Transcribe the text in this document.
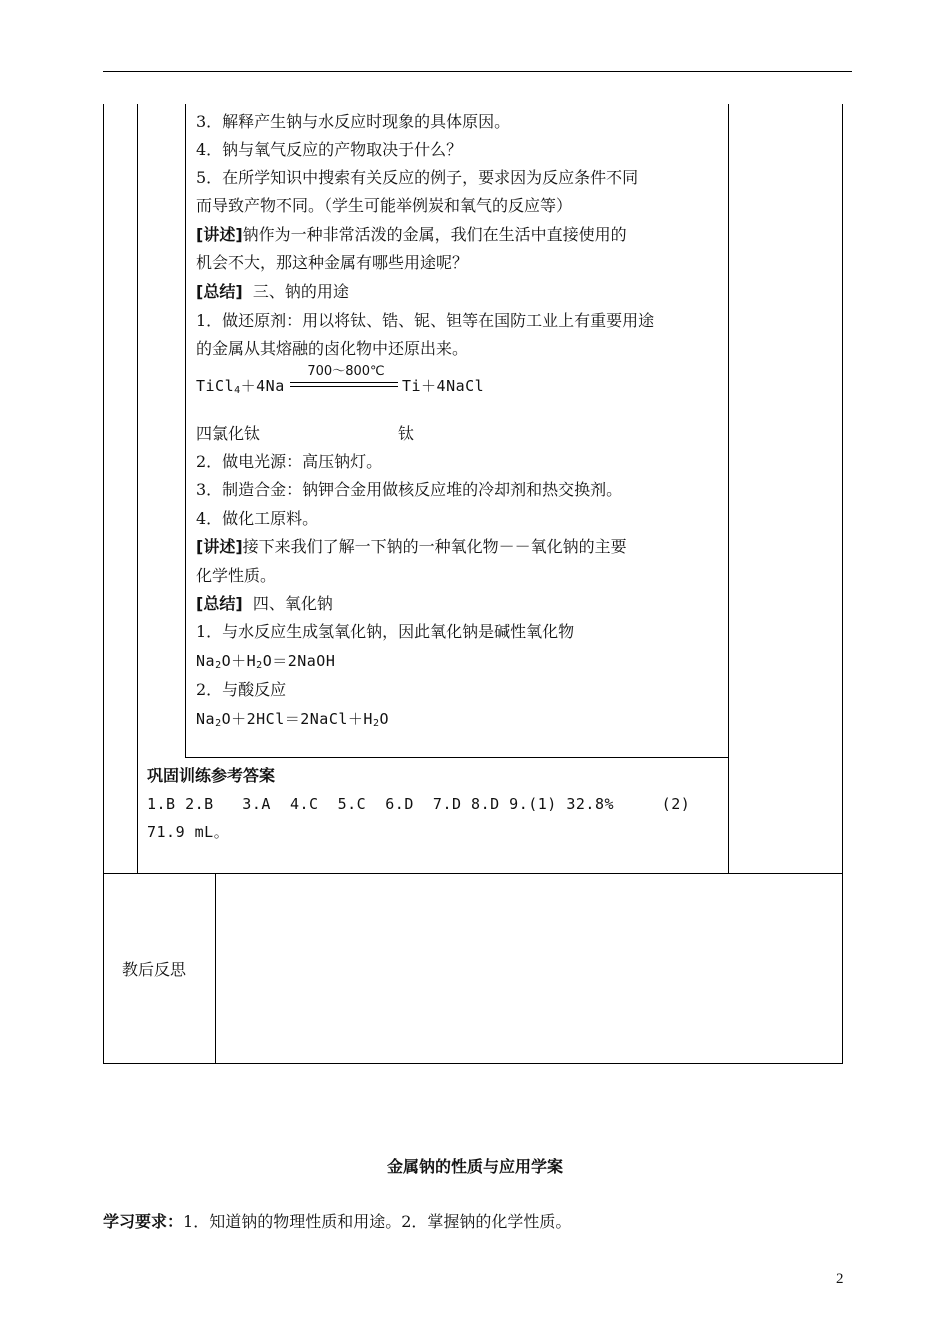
3．解释产生钠与水反应时现象的具体原因。
4．钠与氧气反应的产物取决于什么？
5．在所学知识中搜索有关反应的例子，要求因为反应条件不同
而导致产物不同。（学生可能举例炭和氧气的反应等）
[讲述]钠作为一种非常活泼的金属，我们在生活中直接使用的
机会不大，那这种金属有哪些用途呢？
[总结]  三、钠的用途
1．做还原剂：用以将钛、锆、铌、钽等在国防工业上有重要用途
的金属从其熔融的卤化物中还原出来。
TiCl$_4$＋4Na
700～800℃
Ti＋4NaCl
四氯化钛	钛
2．做电光源：高压钠灯。
3．制造合金：钠钾合金用做核反应堆的冷却剂和热交换剂。
4．做化工原料。
[讲述]接下来我们了解一下钠的一种氧化物－－氧化钠的主要
化学性质。
[总结]  四、氧化钠
1．与水反应生成氢氧化钠，因此氧化钠是碱性氧化物
$Na_2O+H_2O=2NaOH$
2．与酸反应
$Na_2O+2HCl=2NaCl+H_2O$
巩固训练参考答案
1.B 2.B   3.A  4.C  5.C  6.D  7.D 8.D 9.(1) 32.8%     (2)
71.9 mL。
教后反思
金属钠的性质与应用学案
学习要求：1．知道钠的物理性质和用途。2．掌握钠的化学性质。
2
